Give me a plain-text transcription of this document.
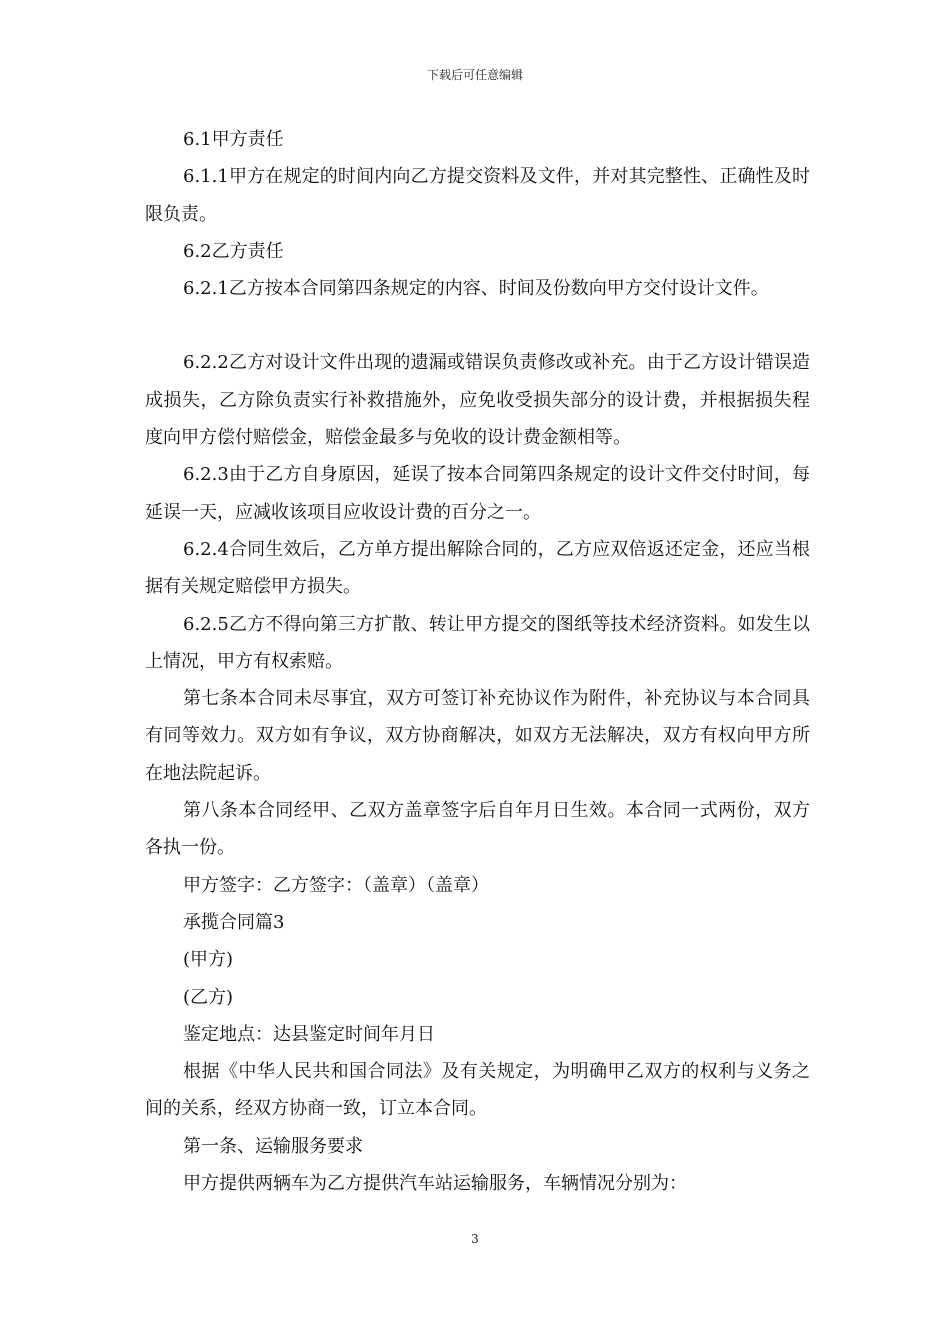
下载后可任意编辑

6.1甲方责任

6.1.1甲方在规定的时间内向乙方提交资料及文件，并对其完整性、正确性及时限负责。

6.2乙方责任

6.2.1乙方按本合同第四条规定的内容、时间及份数向甲方交付设计文件。

6.2.2乙方对设计文件出现的遗漏或错误负责修改或补充。由于乙方设计错误造成损失，乙方除负责实行补救措施外，应免收受损失部分的设计费，并根据损失程度向甲方偿付赔偿金，赔偿金最多与免收的设计费金额相等。

6.2.3由于乙方自身原因，延误了按本合同第四条规定的设计文件交付时间，每延误一天，应减收该项目应收设计费的百分之一。

6.2.4合同生效后，乙方单方提出解除合同的，乙方应双倍返还定金，还应当根据有关规定赔偿甲方损失。

6.2.5乙方不得向第三方扩散、转让甲方提交的图纸等技术经济资料。如发生以上情况，甲方有权索赔。

第七条本合同未尽事宜，双方可签订补充协议作为附件，补充协议与本合同具有同等效力。双方如有争议，双方协商解决，如双方无法解决，双方有权向甲方所在地法院起诉。

第八条本合同经甲、乙双方盖章签字后自年月日生效。本合同一式两份，双方各执一份。

甲方签字：乙方签字：（盖章）（盖章）

承揽合同篇3

(甲方)

(乙方)

鉴定地点：达县鉴定时间年月日

根据《中华人民共和国合同法》及有关规定，为明确甲乙双方的权利与义务之间的关系，经双方协商一致，订立本合同。

第一条、运输服务要求

甲方提供两辆车为乙方提供汽车站运输服务，车辆情况分别为：

3
